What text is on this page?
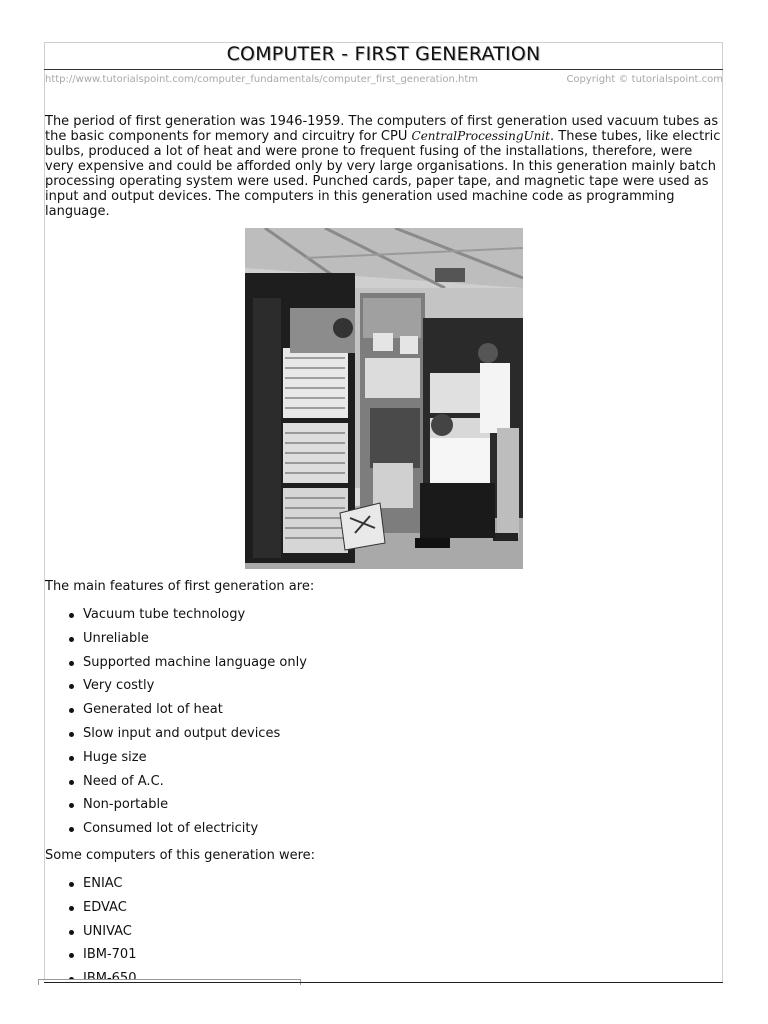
COMPUTER - FIRST GENERATION
http://www.tutorialspoint.com/computer_fundamentals/computer_first_generation.htm	Copyright © tutorialspoint.com

The period of first generation was 1946-1959. The computers of first generation used vacuum tubes as the basic components for memory and circuitry for CPU CentralProcessingUnit. These tubes, like electric bulbs, produced a lot of heat and were prone to frequent fusing of the installations, therefore, were very expensive and could be afforded only by very large organisations. In this generation mainly batch processing operating system were used. Punched cards, paper tape, and magnetic tape were used as input and output devices. The computers in this generation used machine code as programming language.

The main features of first generation are:
Vacuum tube technology
Unreliable
Supported machine language only
Very costly
Generated lot of heat
Slow input and output devices
Huge size
Need of A.C.
Non-portable
Consumed lot of electricity
Some computers of this generation were:
ENIAC
EDVAC
UNIVAC
IBM-701
